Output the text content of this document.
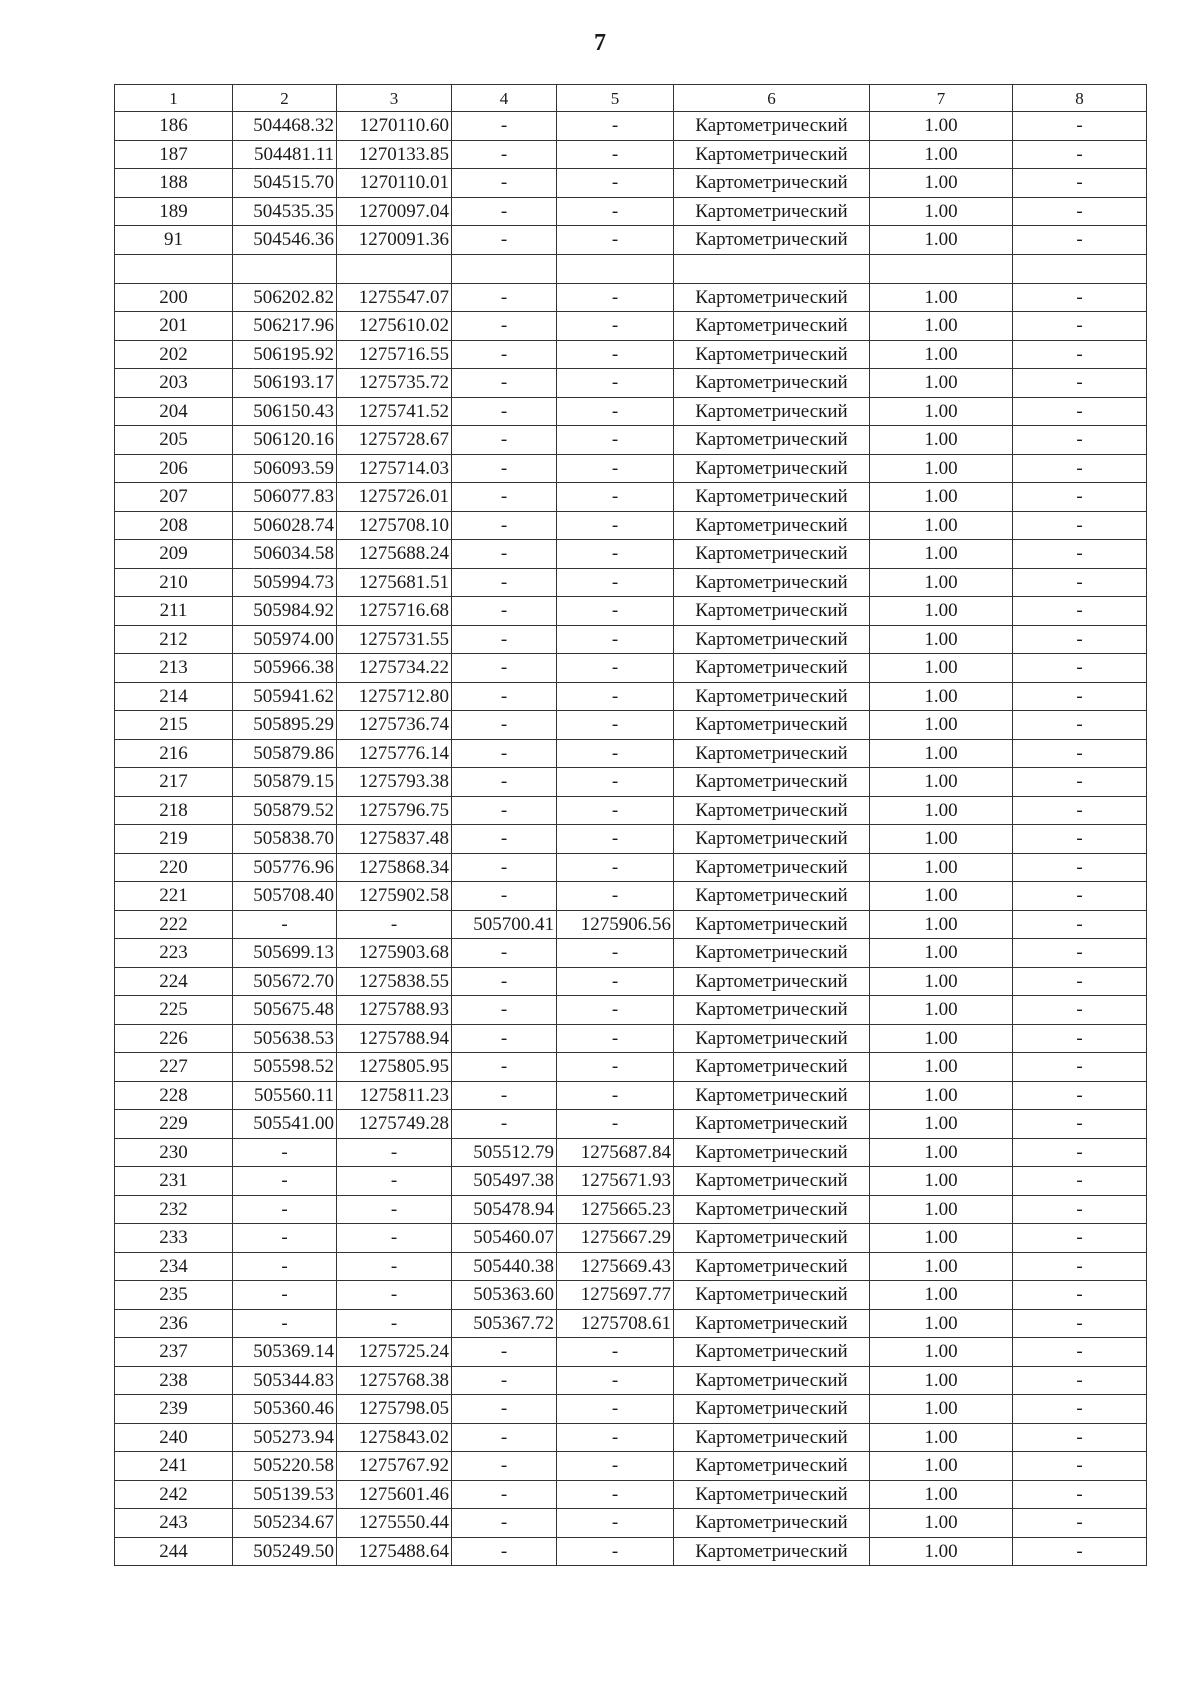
7
1	2	3	4	5	6	7	8
186	504468.32	1270110.60	-	-	Картометрический	1.00	-
187	504481.11	1270133.85	-	-	Картометрический	1.00	-
188	504515.70	1270110.01	-	-	Картометрический	1.00	-
189	504535.35	1270097.04	-	-	Картометрический	1.00	-
91	504546.36	1270091.36	-	-	Картометрический	1.00	-

200	506202.82	1275547.07	-	-	Картометрический	1.00	-
201	506217.96	1275610.02	-	-	Картометрический	1.00	-
202	506195.92	1275716.55	-	-	Картометрический	1.00	-
203	506193.17	1275735.72	-	-	Картометрический	1.00	-
204	506150.43	1275741.52	-	-	Картометрический	1.00	-
205	506120.16	1275728.67	-	-	Картометрический	1.00	-
206	506093.59	1275714.03	-	-	Картометрический	1.00	-
207	506077.83	1275726.01	-	-	Картометрический	1.00	-
208	506028.74	1275708.10	-	-	Картометрический	1.00	-
209	506034.58	1275688.24	-	-	Картометрический	1.00	-
210	505994.73	1275681.51	-	-	Картометрический	1.00	-
211	505984.92	1275716.68	-	-	Картометрический	1.00	-
212	505974.00	1275731.55	-	-	Картометрический	1.00	-
213	505966.38	1275734.22	-	-	Картометрический	1.00	-
214	505941.62	1275712.80	-	-	Картометрический	1.00	-
215	505895.29	1275736.74	-	-	Картометрический	1.00	-
216	505879.86	1275776.14	-	-	Картометрический	1.00	-
217	505879.15	1275793.38	-	-	Картометрический	1.00	-
218	505879.52	1275796.75	-	-	Картометрический	1.00	-
219	505838.70	1275837.48	-	-	Картометрический	1.00	-
220	505776.96	1275868.34	-	-	Картометрический	1.00	-
221	505708.40	1275902.58	-	-	Картометрический	1.00	-
222	-	-	505700.41	1275906.56	Картометрический	1.00	-
223	505699.13	1275903.68	-	-	Картометрический	1.00	-
224	505672.70	1275838.55	-	-	Картометрический	1.00	-
225	505675.48	1275788.93	-	-	Картометрический	1.00	-
226	505638.53	1275788.94	-	-	Картометрический	1.00	-
227	505598.52	1275805.95	-	-	Картометрический	1.00	-
228	505560.11	1275811.23	-	-	Картометрический	1.00	-
229	505541.00	1275749.28	-	-	Картометрический	1.00	-
230	-	-	505512.79	1275687.84	Картометрический	1.00	-
231	-	-	505497.38	1275671.93	Картометрический	1.00	-
232	-	-	505478.94	1275665.23	Картометрический	1.00	-
233	-	-	505460.07	1275667.29	Картометрический	1.00	-
234	-	-	505440.38	1275669.43	Картометрический	1.00	-
235	-	-	505363.60	1275697.77	Картометрический	1.00	-
236	-	-	505367.72	1275708.61	Картометрический	1.00	-
237	505369.14	1275725.24	-	-	Картометрический	1.00	-
238	505344.83	1275768.38	-	-	Картометрический	1.00	-
239	505360.46	1275798.05	-	-	Картометрический	1.00	-
240	505273.94	1275843.02	-	-	Картометрический	1.00	-
241	505220.58	1275767.92	-	-	Картометрический	1.00	-
242	505139.53	1275601.46	-	-	Картометрический	1.00	-
243	505234.67	1275550.44	-	-	Картометрический	1.00	-
244	505249.50	1275488.64	-	-	Картометрический	1.00	-
